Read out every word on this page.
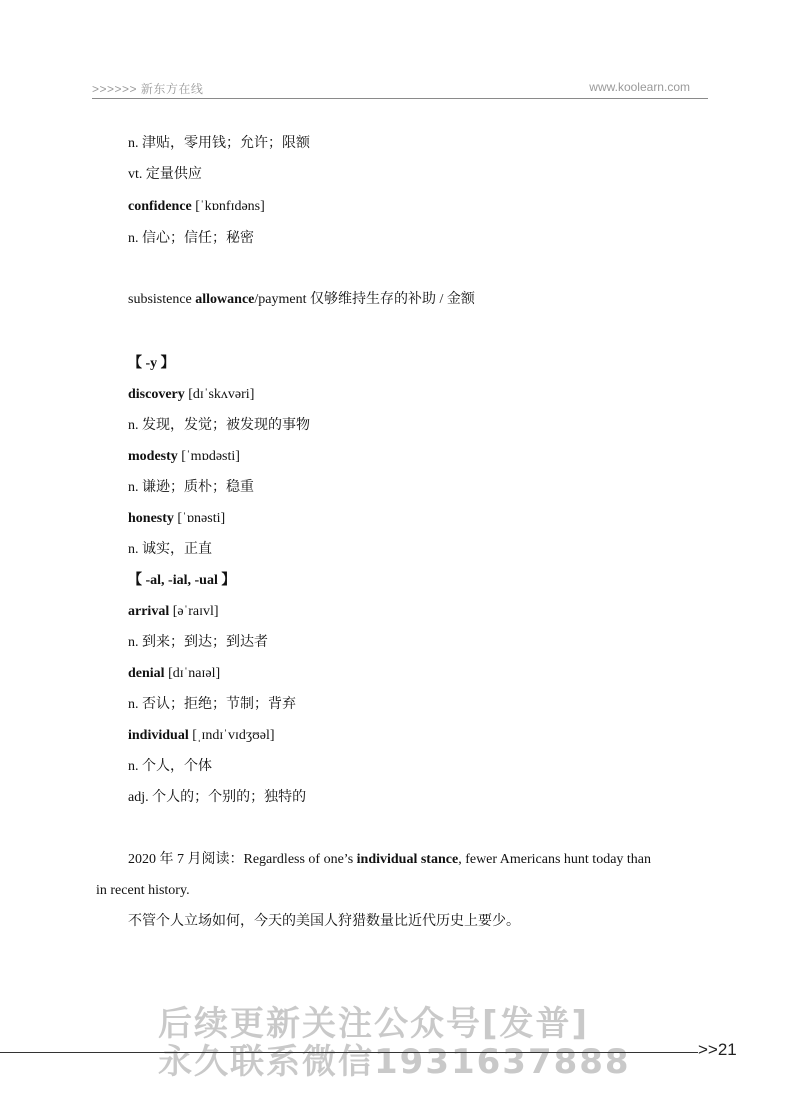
>>>>>> 新东方在线	www.koolearn.com
n. 津贴，零用钱；允许；限额
vt. 定量供应
confidence [ˈkɒnfɪdəns]
n. 信心；信任；秘密
subsistence allowance/payment 仅够维持生存的补助 / 金额
【 -y 】
discovery [dɪˈskʌvəri]
n. 发现，发觉；被发现的事物
modesty [ˈmɒdəsti]
n. 谦逊；质朴；稳重
honesty [ˈɒnəsti]
n. 诚实，正直
【 -al, -ial, -ual 】
arrival [əˈraɪvl]
n. 到来；到达；到达者
denial [dɪˈnaɪəl]
n. 否认；拒绝；节制；背弃
individual [ˌɪndɪˈvɪdʒʊəl]
n. 个人，个体
adj. 个人的；个别的；独特的
2020 年 7 月阅读：Regardless of one’s individual stance, fewer Americans hunt today than
in recent history.
不管个人立场如何，今天的美国人狩猎数量比近代历史上要少。
后续更新关注公众号[发普]
永久联系微信1931637888	>>21
